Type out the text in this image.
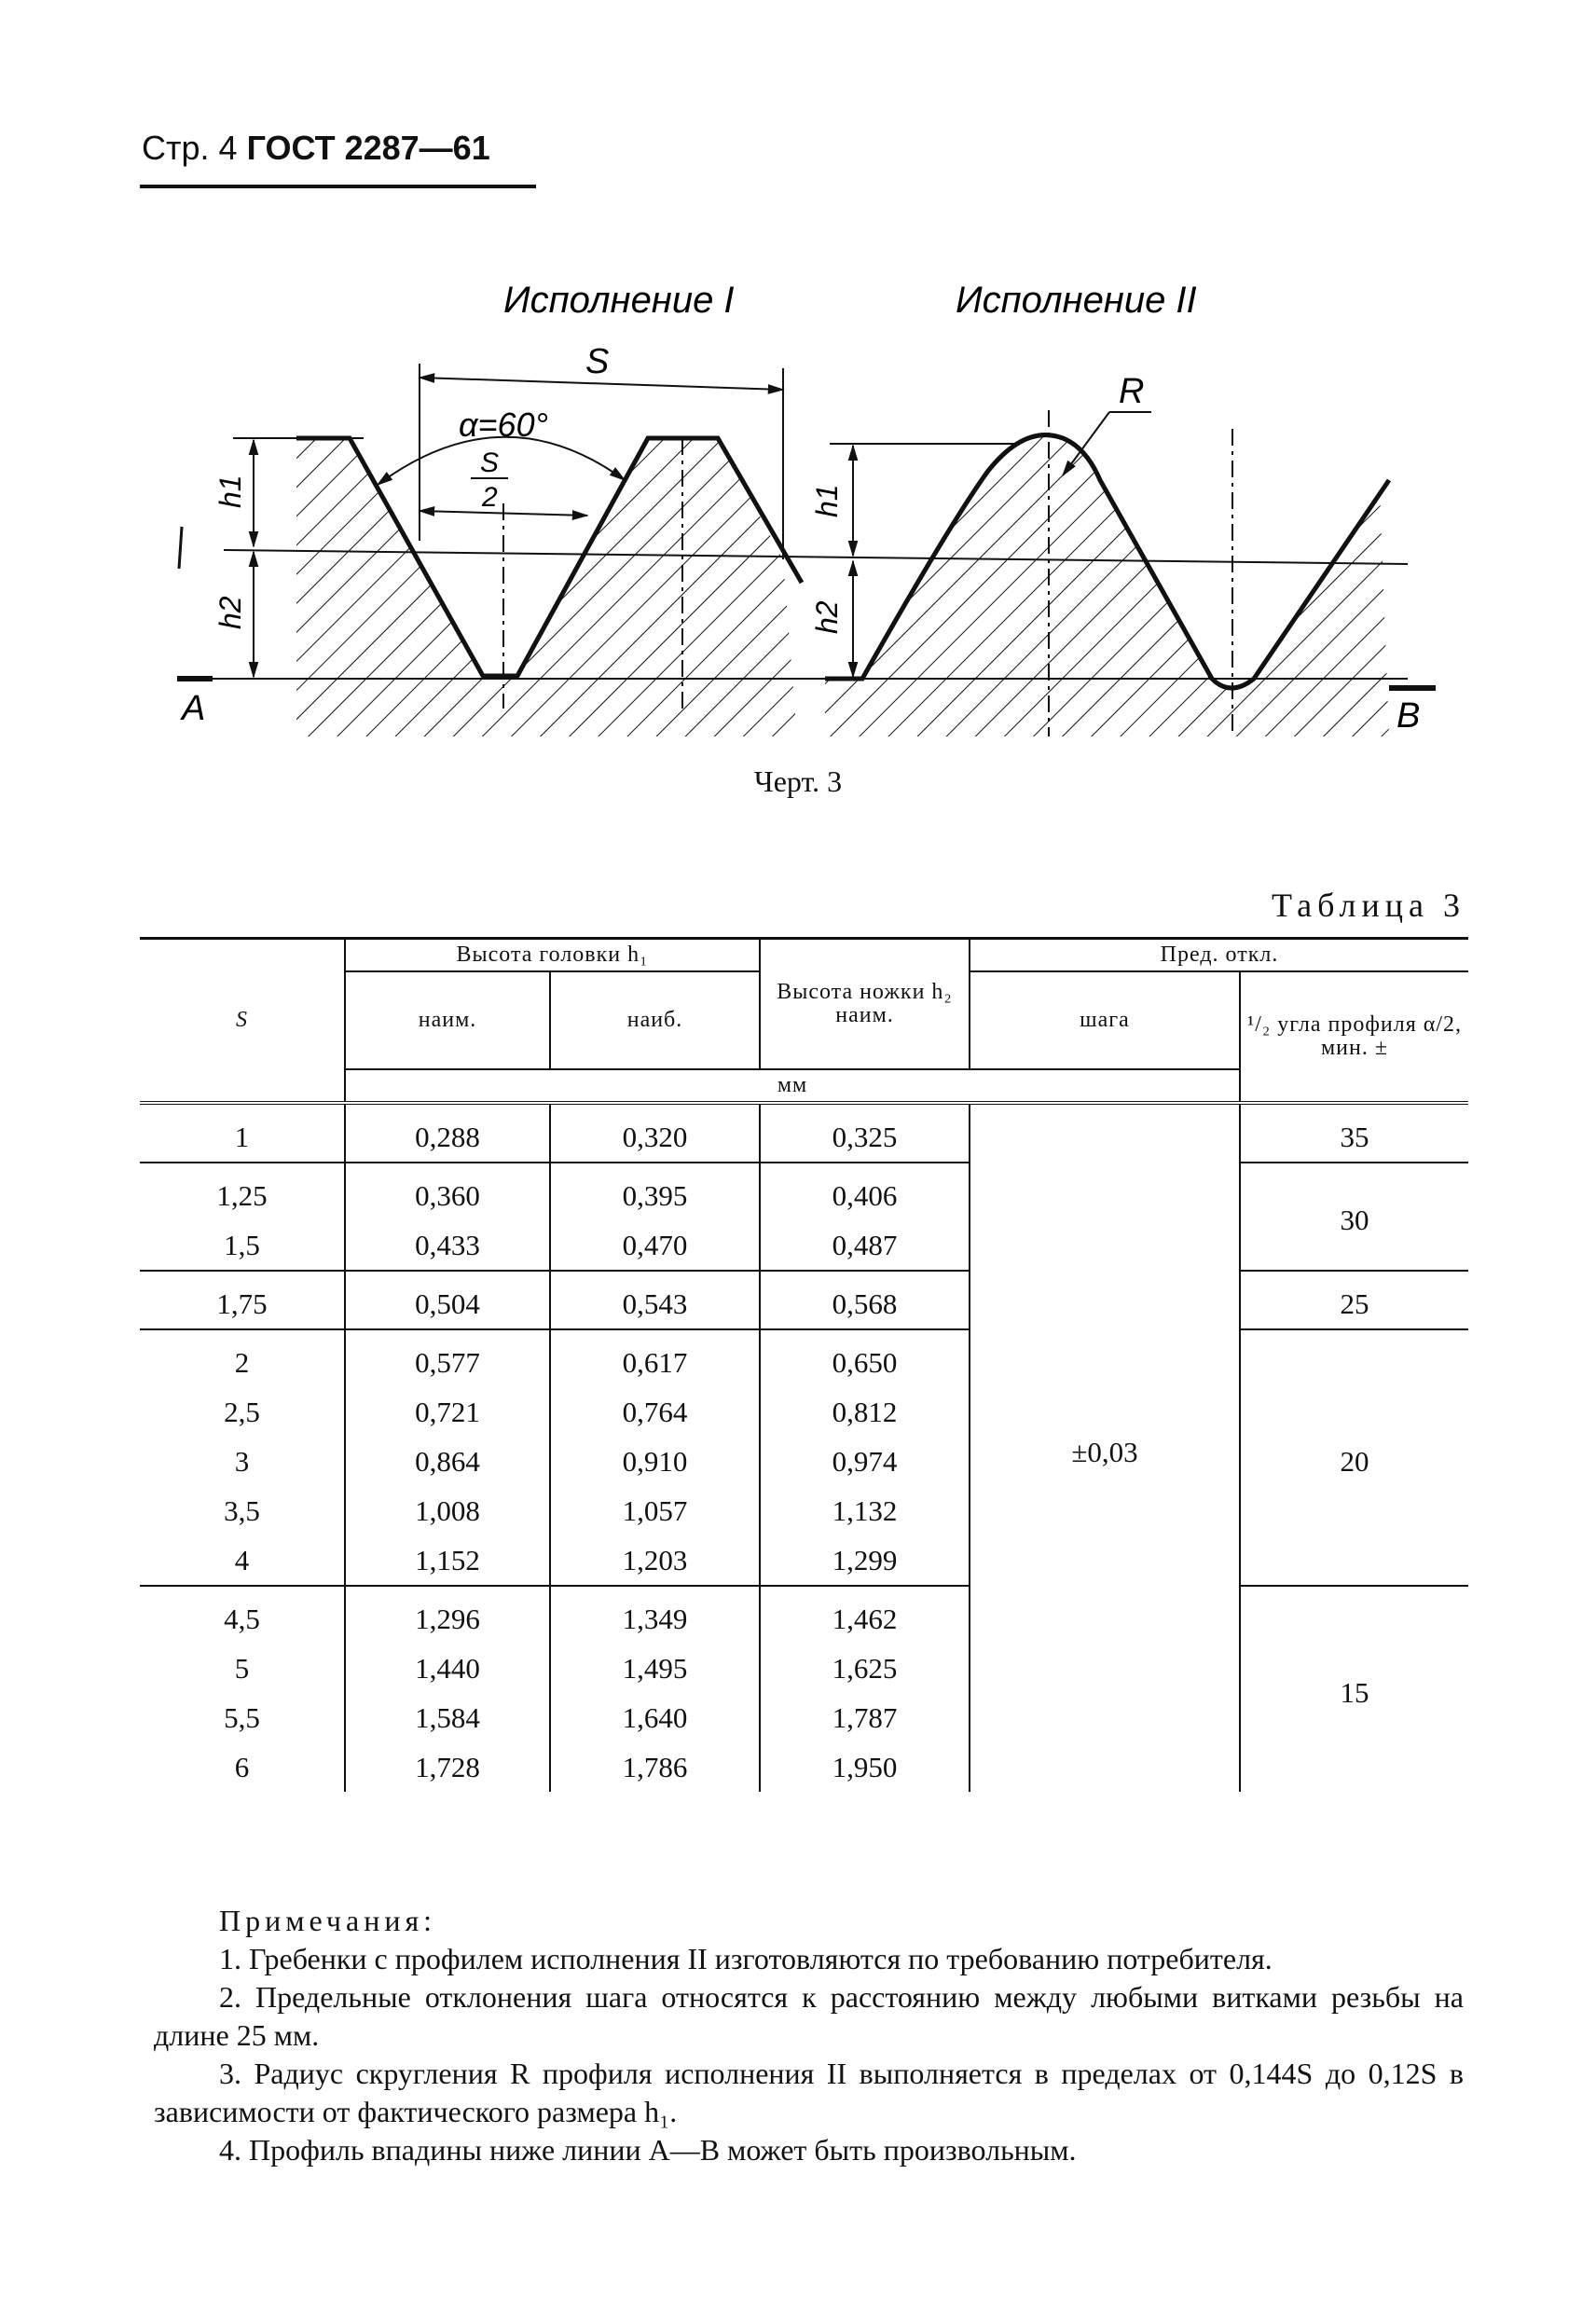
Стр. 4 ГОСТ 2287—61
Исполнение I	Исполнение II
S
α=60°
S
2
h1
h2
h1
h2
A	B
R
Черт. 3
Таблица 3
S	Высота головки h₁		Высота ножки h₂ наим.	Пред. откл.	
	наим.	наиб.		шага	¹/₂ угла профиля α/2, мин. ±
	мм				
1	0,288	0,320	0,325	±0,03	35
1,25	0,360	0,395	0,406		30
1,5	0,433	0,470	0,487		
1,75	0,504	0,543	0,568		25
2	0,577	0,617	0,650		20
2,5	0,721	0,764	0,812		
3	0,864	0,910	0,974		
3,5	1,008	1,057	1,132		
4	1,152	1,203	1,299		
4,5	1,296	1,349	1,462		15
5	1,440	1,495	1,625		
5,5	1,584	1,640	1,787		
6	1,728	1,786	1,950		

Примечания:

1. Гребенки с профилем исполнения II изготовляются по требованию потребителя.

2. Предельные отклонения шага относятся к расстоянию между любыми витками резьбы на длине 25 мм.

3. Радиус скругления R профиля исполнения II выполняется в пределах от 0,144S до 0,12S в зависимости от фактического размера h₁.

4. Профиль впадины ниже линии A—B может быть произвольным.
